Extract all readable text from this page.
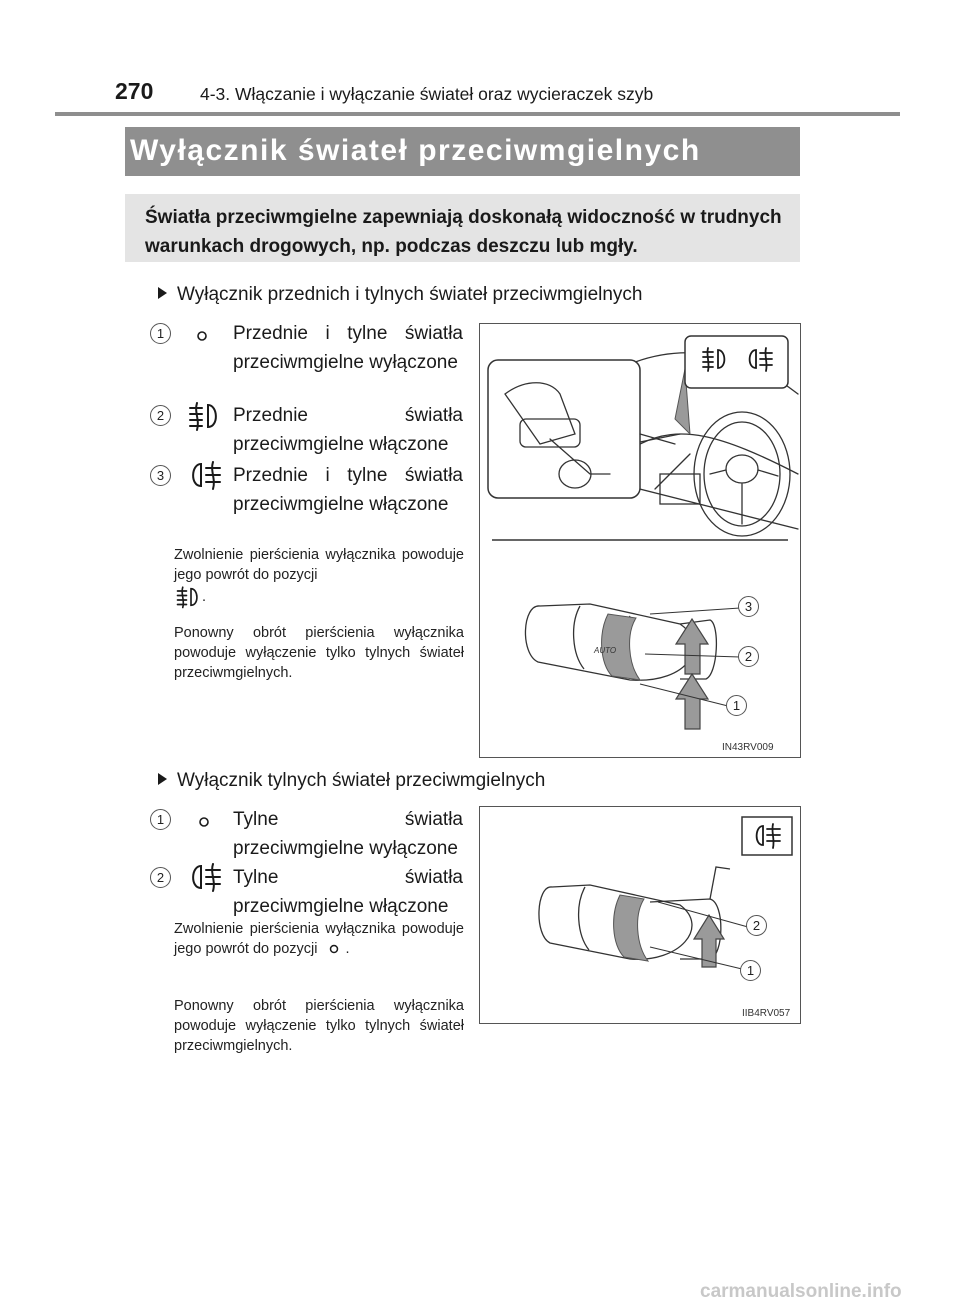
270	4-3. Włączanie i wyłączanie świateł oraz wycieraczek szyb
Wyłącznik świateł przeciwmgielnych
Światła przeciwmgielne zapewniają doskonałą widoczność w trudnych warunkach drogowych, np. podczas deszczu lub mgły.
Wyłącznik przednich i tylnych świateł przeciwmgielnych
1	Przednie i tylne światła przeciwmgielne wyłączone
2	Przednie światła przeciwmgielne włączone
3	Przednie i tylne światła przeciwmgielne włączone
Zwolnienie pierścienia wyłącznika powoduje jego powrót do pozycji
.
Ponowny obrót pierścienia wyłącznika powoduje wyłączenie tylko tylnych świateł przeciwmgielnych.
AUTO
3
2
1
IN43RV009
Wyłącznik tylnych świateł przeciwmgielnych
1	Tylne światła przeciwmgielne wyłączone
2	Tylne światła przeciwmgielne włączone
Zwolnienie pierścienia wyłącznika powoduje jego powrót do pozycji .
Ponowny obrót pierścienia wyłącznika powoduje wyłączenie tylko tylnych świateł przeciwmgielnych.
2
1
IIB4RV057
carmanualsonline.info
